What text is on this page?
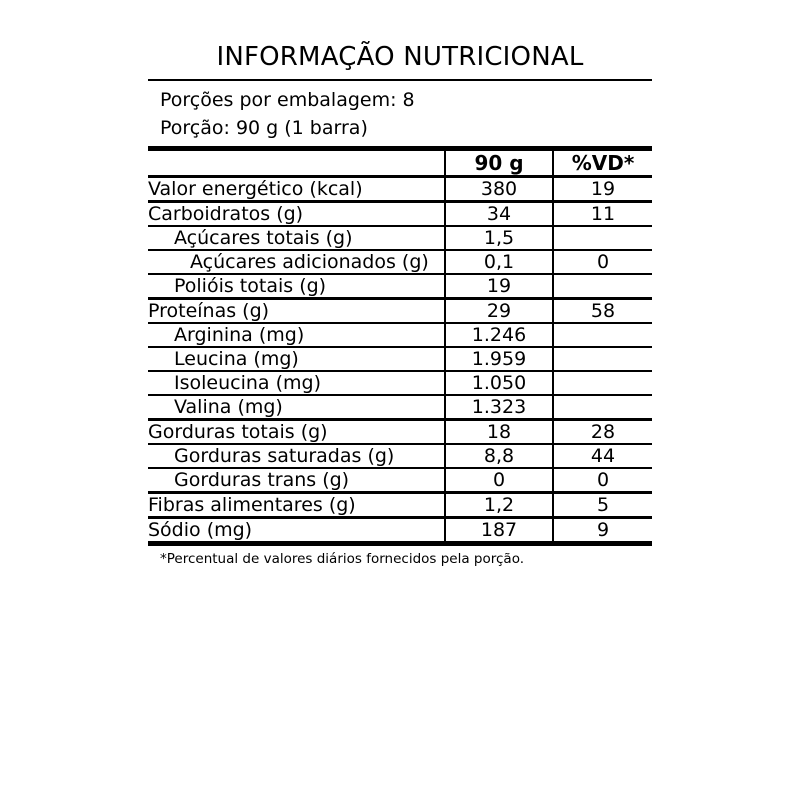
INFORMAÇÃO NUTRICIONAL
Porções por embalagem: 8
Porção: 90 g (1 barra)
	90 g	%VD*
Valor energético (kcal)	380	19
Carboidratos (g)	34	11
Açúcares totais (g)	1,5	
Açúcares adicionados (g)	0,1	0
Polióis totais (g)	19	
Proteínas (g)	29	58
Arginina (mg)	1.246	
Leucina (mg)	1.959	
Isoleucina (mg)	1.050	
Valina (mg)	1.323	
Gorduras totais (g)	18	28
Gorduras saturadas (g)	8,8	44
Gorduras trans (g)	0	0
Fibras alimentares (g)	1,2	5
Sódio (mg)	187	9
*Percentual de valores diários fornecidos pela porção.
